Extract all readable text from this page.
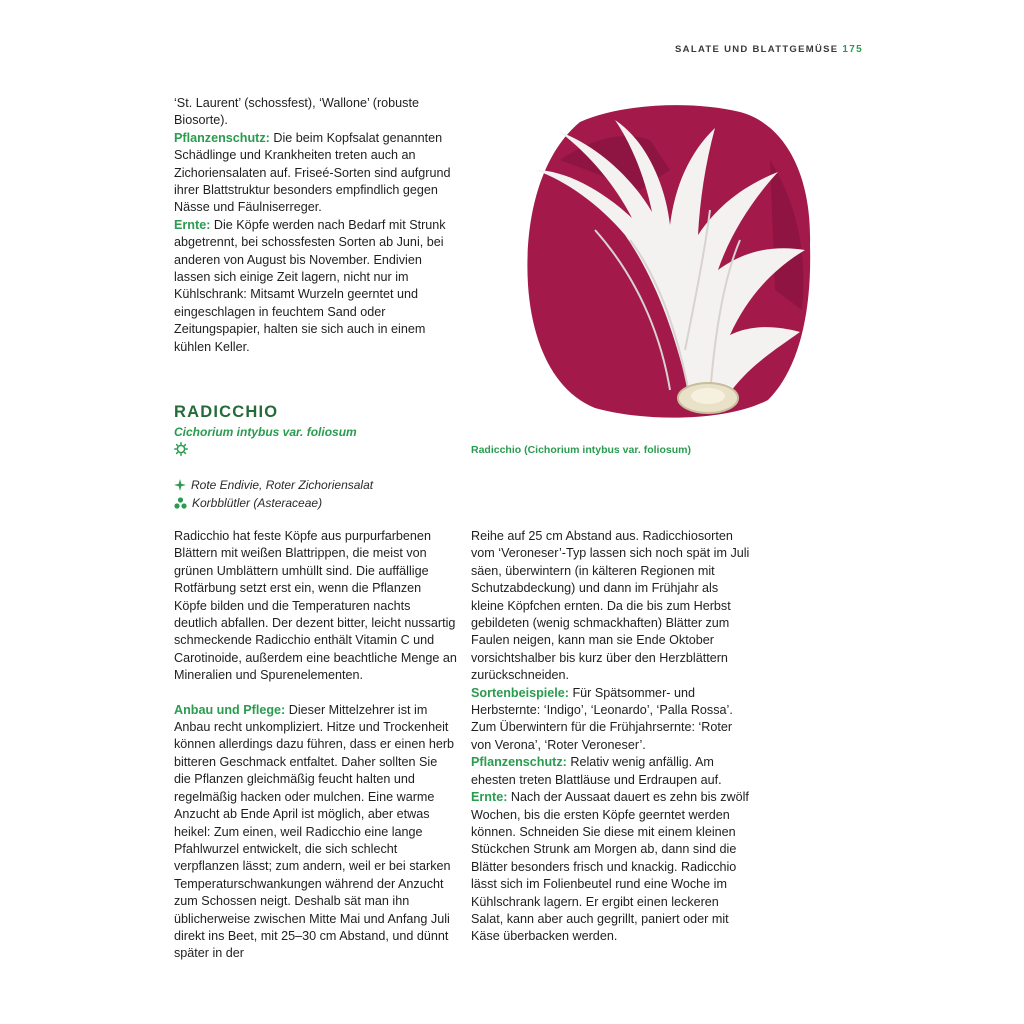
SALATE UND BLATTGEMÜSE 175

‘St. Laurent’ (schossfest), ‘Wallone’ (robuste Biosorte).

Pflanzenschutz: Die beim Kopfsalat genannten Schädlinge und Krankheiten treten auch an Zichoriensalaten auf. Friseé-Sorten sind aufgrund ihrer Blattstruktur besonders empfindlich gegen Nässe und Fäulniserreger.

Ernte: Die Köpfe werden nach Bedarf mit Strunk abgetrennt, bei schossfesten Sorten ab Juni, bei anderen von August bis November. Endivien lassen sich einige Zeit lagern, nicht nur im Kühlschrank: Mitsamt Wurzeln geerntet und eingeschlagen in feuchtem Sand oder Zeitungspapier, halten sie sich auch in einem kühlen Keller.

RADICCHIO
Cichorium intybus var. foliosum
Rote Endivie, Roter Zichoriensalat
Korbblütler (Asteraceae)
Radicchio (Cichorium intybus var. foliosum)

Radicchio hat feste Köpfe aus purpurfarbenen Blättern mit weißen Blattrippen, die meist von grünen Umblättern umhüllt sind. Die auffällige Rotfärbung setzt erst ein, wenn die Pflanzen Köpfe bilden und die Temperaturen nachts deutlich abfallen. Der dezent bitter, leicht nussartig schmeckende Radicchio enthält Vitamin C und Carotinoide, außerdem eine beachtliche Menge an Mineralien und Spurenelementen.

Anbau und Pflege: Dieser Mittelzehrer ist im Anbau recht unkompliziert. Hitze und Trockenheit können allerdings dazu führen, dass er einen herb bitteren Geschmack entfaltet. Daher sollten Sie die Pflanzen gleichmäßig feucht halten und regelmäßig hacken oder mulchen. Eine warme Anzucht ab Ende April ist möglich, aber etwas heikel: Zum einen, weil Radicchio eine lange Pfahlwurzel entwickelt, die sich schlecht verpflanzen lässt; zum andern, weil er bei starken Temperaturschwankungen während der Anzucht zum Schossen neigt. Deshalb sät man ihn üblicherweise zwischen Mitte Mai und Anfang Juli direkt ins Beet, mit 25–30 cm Abstand, und dünnt später in der

Reihe auf 25 cm Abstand aus. Radicchiosorten vom ‘Veroneser’-Typ lassen sich noch spät im Juli säen, überwintern (in kälteren Regionen mit Schutzabdeckung) und dann im Frühjahr als kleine Köpfchen ernten. Da die bis zum Herbst gebildeten (wenig schmackhaften) Blätter zum Faulen neigen, kann man sie Ende Oktober vorsichtshalber bis kurz über den Herzblättern zurückschneiden.

Sortenbeispiele: Für Spätsommer- und Herbsternte: ‘Indigo’, ‘Leonardo’, ‘Palla Rossa’. Zum Überwintern für die Frühjahrsernte: ‘Roter von Verona’, ‘Roter Veroneser’.

Pflanzenschutz: Relativ wenig anfällig. Am ehesten treten Blattläuse und Erdraupen auf.

Ernte: Nach der Aussaat dauert es zehn bis zwölf Wochen, bis die ersten Köpfe geerntet werden können. Schneiden Sie diese mit einem kleinen Stückchen Strunk am Morgen ab, dann sind die Blätter besonders frisch und knackig. Radicchio lässt sich im Folienbeutel rund eine Woche im Kühlschrank lagern. Er ergibt einen leckeren Salat, kann aber auch gegrillt, paniert oder mit Käse überbacken werden.
